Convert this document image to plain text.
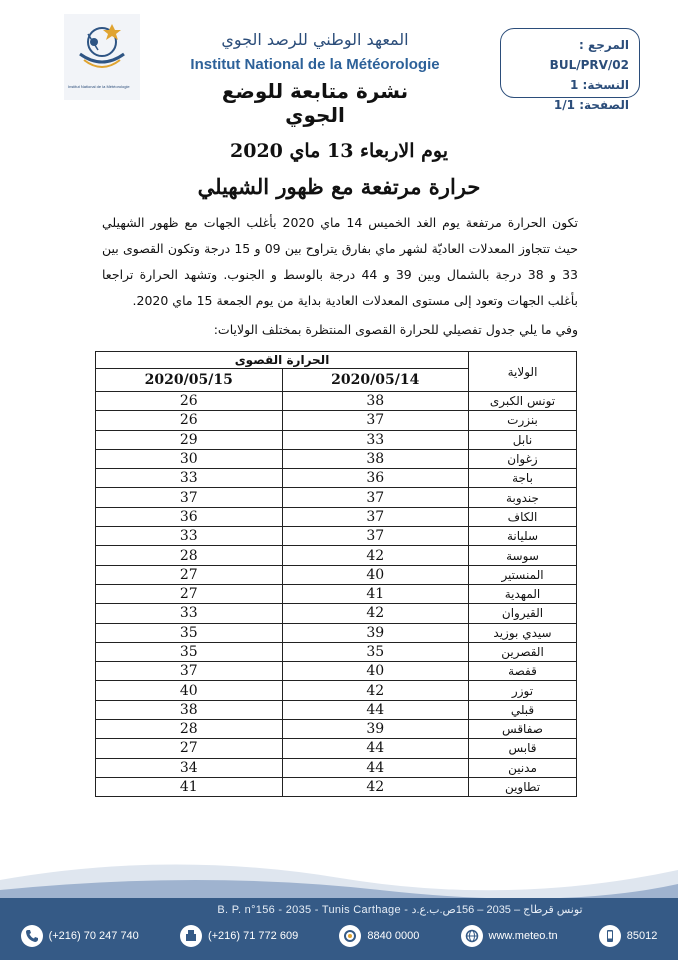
Institut National de la Météorologie
المعهد الوطني للرصد الجوي
Institut National de la Météorologie
نشرة متابعة للوضع الجوي
المرجع : BUL/PRV/02
النسخة: 1
الصفحة: 1/1
يوم الاربعاء 13 ماي 2020
حرارة مرتفعة مع ظهور الشهيلي
تكون الحرارة مرتفعة يوم الغد الخميس 14 ماي 2020 بأغلب الجهات مع ظهور الشهيلي حيث تتجاوز المعدلات العاديّة لشهر ماي بفارق يتراوح بين 09 و 15 درجة وتكون القصوى بين 33 و 38 درجة بالشمال وبين 39 و 44 درجة بالوسط و الجنوب. وتشهد الحرارة تراجعا بأغلب الجهات وتعود إلى مستوى المعدلات العادية بداية من يوم الجمعة 15 ماي 2020.
وفي ما يلي جدول تفصيلي للحرارة القصوى المنتظرة بمختلف الولايات:
الولاية	الحرارة القصوى	
	2020/05/14	2020/05/15
تونس الكبرى	38	26
بنزرت	37	26
نابل	33	29
زغوان	38	30
باجة	36	33
جندوبة	37	37
الكاف	37	36
سليانة	37	33
سوسة	42	28
المنستير	40	27
المهدية	41	27
القيروان	42	33
سيدي بوزيد	39	35
القصرين	35	35
قفصة	40	37
توزر	42	40
قبلي	44	38
صفاقس	39	28
قابس	44	27
مدنين	44	34
تطاوين	42	41
B. P. n°156 - 2035 - Tunis Carthage - تونس قرطاج – 2035 – 156ص.ب.ع.د
(+216) 70 247 740	(+216) 71 772 609	8840 0000	www.meteo.tn	85012
